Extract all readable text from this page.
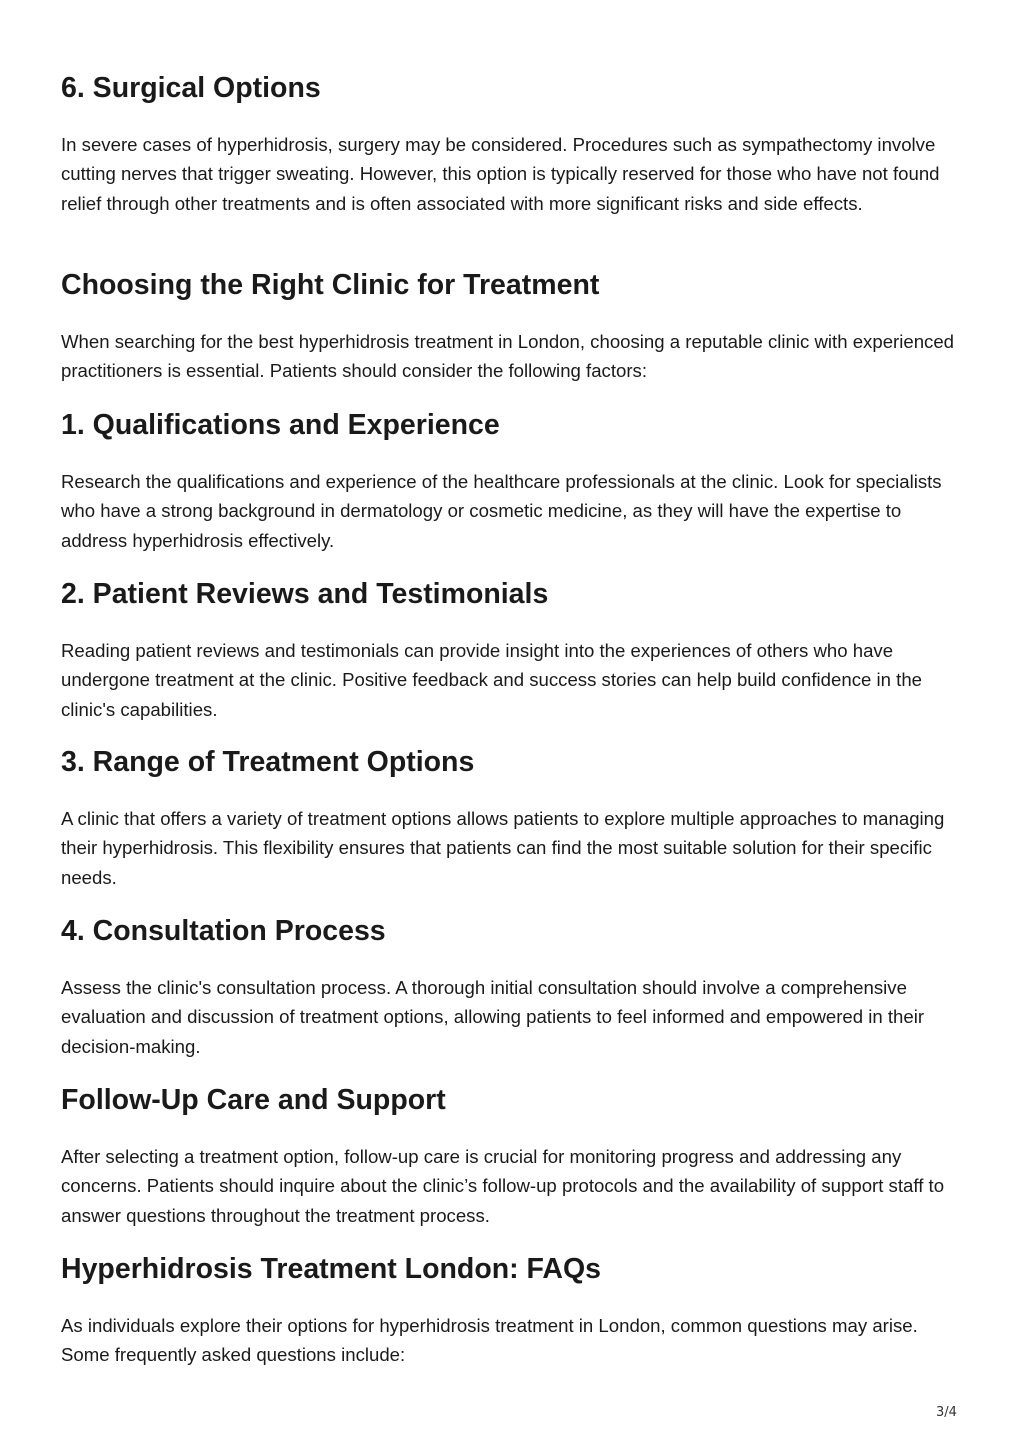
6. Surgical Options

In severe cases of hyperhidrosis, surgery may be considered. Procedures such as sympathectomy involve cutting nerves that trigger sweating. However, this option is typically reserved for those who have not found relief through other treatments and is often associated with more significant risks and side effects.

Choosing the Right Clinic for Treatment

When searching for the best hyperhidrosis treatment in London, choosing a reputable clinic with experienced practitioners is essential. Patients should consider the following factors:

1. Qualifications and Experience

Research the qualifications and experience of the healthcare professionals at the clinic. Look for specialists who have a strong background in dermatology or cosmetic medicine, as they will have the expertise to address hyperhidrosis effectively.

2. Patient Reviews and Testimonials

Reading patient reviews and testimonials can provide insight into the experiences of others who have undergone treatment at the clinic. Positive feedback and success stories can help build confidence in the clinic's capabilities.

3. Range of Treatment Options

A clinic that offers a variety of treatment options allows patients to explore multiple approaches to managing their hyperhidrosis. This flexibility ensures that patients can find the most suitable solution for their specific needs.

4. Consultation Process

Assess the clinic's consultation process. A thorough initial consultation should involve a comprehensive evaluation and discussion of treatment options, allowing patients to feel informed and empowered in their decision-making.

Follow-Up Care and Support

After selecting a treatment option, follow-up care is crucial for monitoring progress and addressing any concerns. Patients should inquire about the clinic’s follow-up protocols and the availability of support staff to answer questions throughout the treatment process.

Hyperhidrosis Treatment London: FAQs

As individuals explore their options for hyperhidrosis treatment in London, common questions may arise. Some frequently asked questions include:

3/4
